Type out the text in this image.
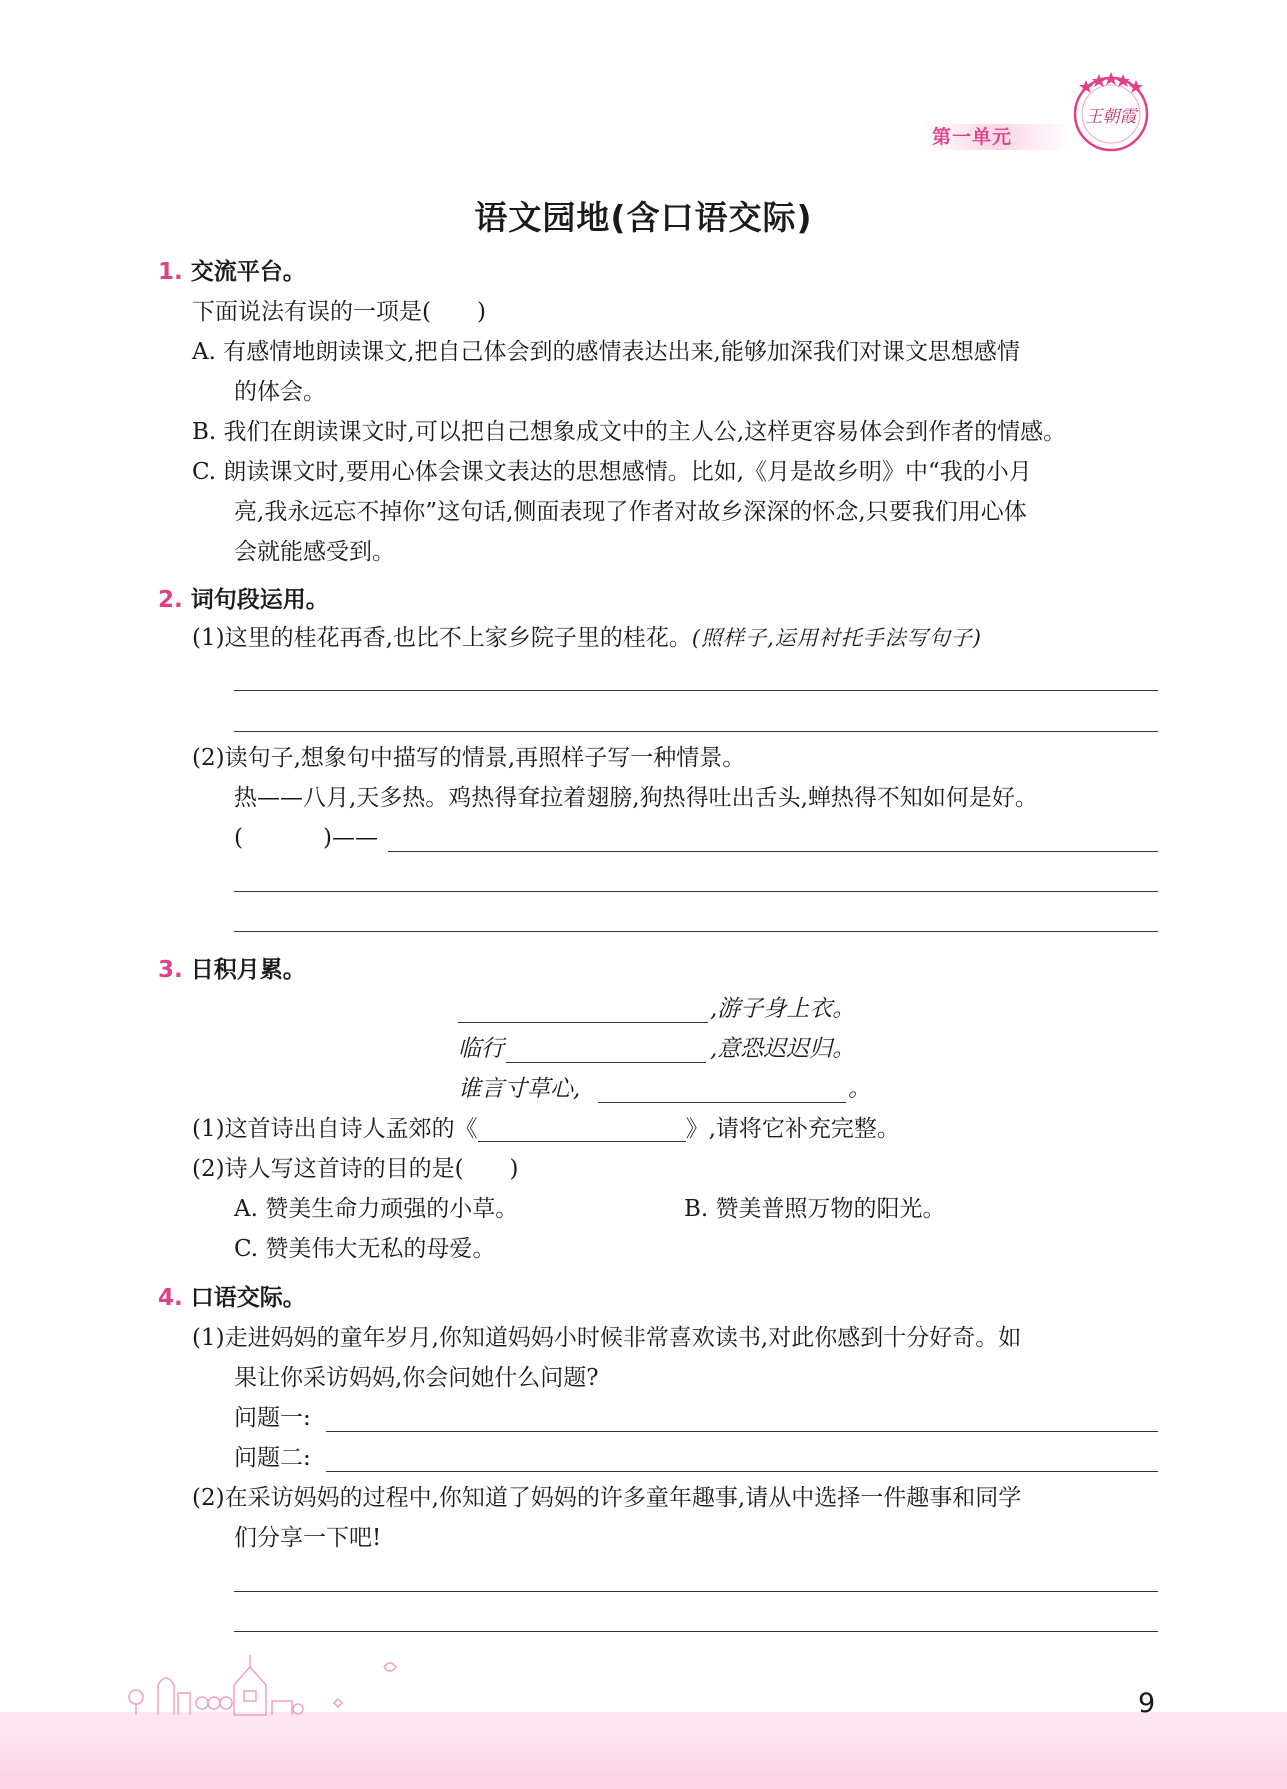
第一单元
王朝霞
语文园地(含口语交际)
1. 交流平台。
下面说法有误的一项是(　　)
A. 有感情地朗读课文,把自己体会到的感情表达出来,能够加深我们对课文思想感情
的体会。
B. 我们在朗读课文时,可以把自己想象成文中的主人公,这样更容易体会到作者的情感。
C. 朗读课文时,要用心体会课文表达的思想感情。比如,《月是故乡明》中“我的小月
亮,我永远忘不掉你”这句话,侧面表现了作者对故乡深深的怀念,只要我们用心体
会就能感受到。
2. 词句段运用。
(1)这里的桂花再香,也比不上家乡院子里的桂花。(照样子,运用衬托手法写句子)
(2)读句子,想象句中描写的情景,再照样子写一种情景。
热——八月,天多热。鸡热得耷拉着翅膀,狗热得吐出舌头,蝉热得不知如何是好。
(	)——
3. 日积月累。
,游子身上衣。
临行	,意恐迟迟归。
谁言寸草心,	。
(1)这首诗出自诗人孟郊的《	》,请将它补充完整。
(2)诗人写这首诗的目的是(　　)
A. 赞美生命力顽强的小草。	B. 赞美普照万物的阳光。
C. 赞美伟大无私的母爱。
4. 口语交际。
(1)走进妈妈的童年岁月,你知道妈妈小时候非常喜欢读书,对此你感到十分好奇。如
果让你采访妈妈,你会问她什么问题?
问题一:
问题二:
(2)在采访妈妈的过程中,你知道了妈妈的许多童年趣事,请从中选择一件趣事和同学
们分享一下吧!
9
